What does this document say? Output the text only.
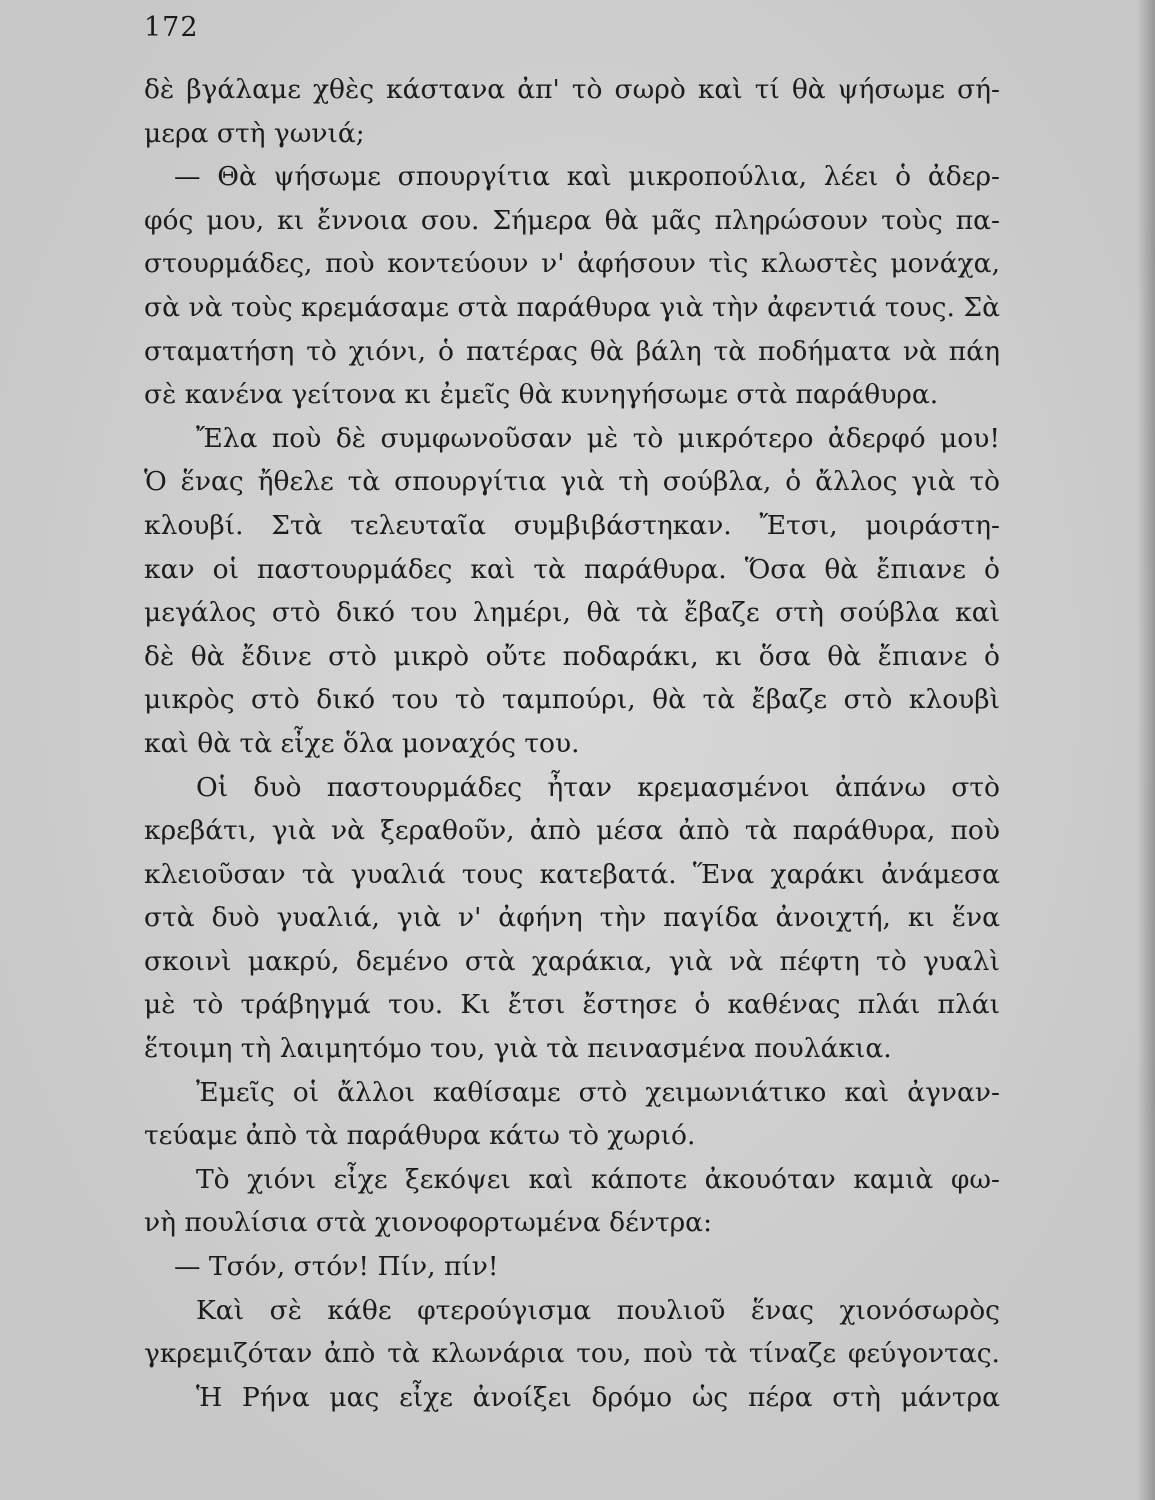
172
δὲ βγάλαμε χθὲς κάστανα ἀπ' τὸ σωρὸ καὶ τί θὰ ψήσωμε σή-
μερα στὴ γωνιά;
— Θὰ ψήσωμε σπουργίτια καὶ μικροπούλια, λέει ὁ ἀδερ-
φός μου, κι ἔννοια σου. Σήμερα θὰ μᾶς πληρώσουν τοὺς πα-
στουρμάδες, ποὺ κοντεύουν ν' ἀφήσουν τὶς κλωστὲς μονάχα,
σὰ νὰ τοὺς κρεμάσαμε στὰ παράθυρα γιὰ τὴν ἀφεντιά τους. Σὰ
σταματήση τὸ χιόνι, ὁ πατέρας θὰ βάλη τὰ ποδήματα νὰ πάη
σὲ κανένα γείτονα κι ἐμεῖς θὰ κυνηγήσωμε στὰ παράθυρα.
Ἔλα ποὺ δὲ συμφωνοῦσαν μὲ τὸ μικρότερο ἀδερφό μου!
Ὁ ἕνας ἤθελε τὰ σπουργίτια γιὰ τὴ σούβλα, ὁ ἄλλος γιὰ τὸ
κλουβί. Στὰ τελευταῖα συμβιβάστηκαν. Ἔτσι, μοιράστη-
καν οἱ παστουρμάδες καὶ τὰ παράθυρα. Ὅσα θὰ ἔπιανε ὁ
μεγάλος στὸ δικό του λημέρι, θὰ τὰ ἔβαζε στὴ σούβλα καὶ
δὲ θὰ ἔδινε στὸ μικρὸ οὔτε ποδαράκι, κι ὅσα θὰ ἔπιανε ὁ
μικρὸς στὸ δικό του τὸ ταμπούρι, θὰ τὰ ἔβαζε στὸ κλουβὶ
καὶ θὰ τὰ εἶχε ὅλα μοναχός του.
Οἱ δυὸ παστουρμάδες ἦταν κρεμασμένοι ἀπάνω στὸ
κρεβάτι, γιὰ νὰ ξεραθοῦν, ἀπὸ μέσα ἀπὸ τὰ παράθυρα, ποὺ
κλειοῦσαν τὰ γυαλιά τους κατεβατά. Ἕνα χαράκι ἀνάμεσα
στὰ δυὸ γυαλιά, γιὰ ν' ἀφήνη τὴν παγίδα ἀνοιχτή, κι ἕνα
σκοινὶ μακρύ, δεμένο στὰ χαράκια, γιὰ νὰ πέφτη τὸ γυαλὶ
μὲ τὸ τράβηγμά του. Κι ἔτσι ἔστησε ὁ καθένας πλάι πλάι
ἕτοιμη τὴ λαιμητόμο του, γιὰ τὰ πεινασμένα πουλάκια.
Ἐμεῖς οἱ ἄλλοι καθίσαμε στὸ χειμωνιάτικο καὶ ἀγναν-
τεύαμε ἀπὸ τὰ παράθυρα κάτω τὸ χωριό.
Τὸ χιόνι εἶχε ξεκόψει καὶ κάποτε ἀκουόταν καμιὰ φω-
νὴ πουλίσια στὰ χιονοφορτωμένα δέντρα:
— Τσόν, στόν! Πίν, πίν!
Καὶ σὲ κάθε φτερούγισμα πουλιοῦ ἕνας χιονόσωρὸς
γκρεμιζόταν ἀπὸ τὰ κλωνάρια του, ποὺ τὰ τίναζε φεύγοντας.
Ἡ Ρήνα μας εἶχε ἀνοίξει δρόμο ὡς πέρα στὴ μάντρα
